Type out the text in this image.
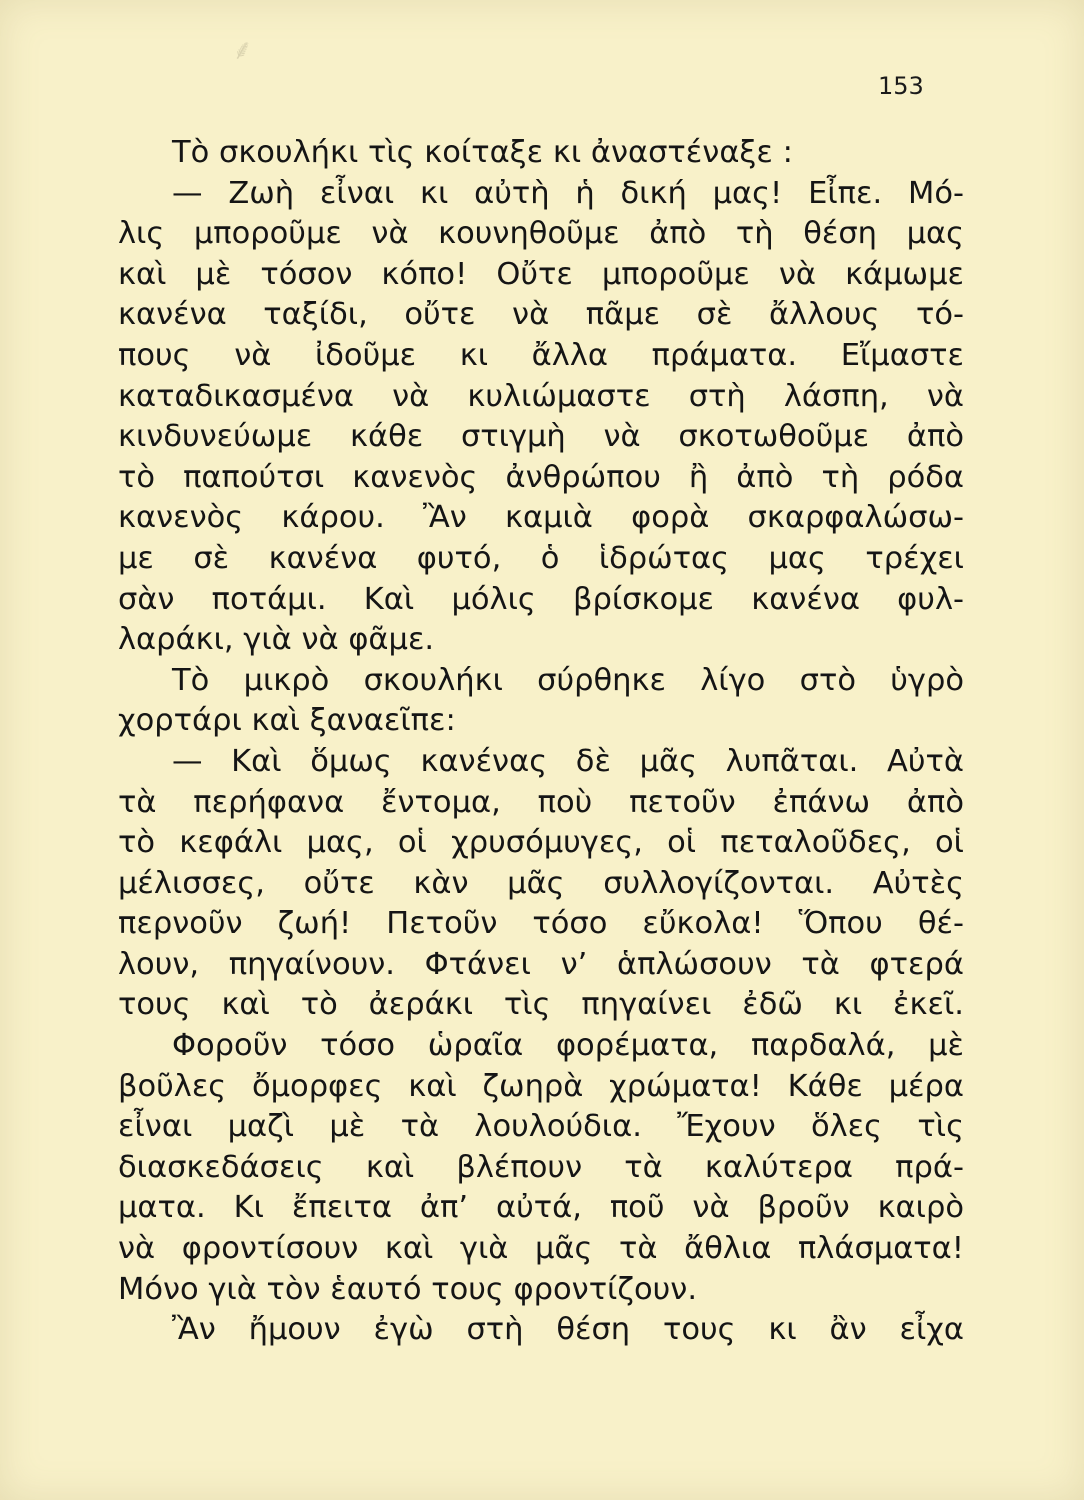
⸙
153
Τὸ σκουλήκι τὶς κοίταξε κι ἀναστέναξε :
— Ζωὴ εἶναι κι αὐτὴ ἡ δική μας! Εἶπε. Μό-
λις μποροῦμε νὰ κουνηθοῦμε ἀπὸ τὴ θέση μας
καὶ μὲ τόσον κόπο! Οὔτε μποροῦμε νὰ κάμωμε
κανένα ταξίδι, οὔτε νὰ πᾶμε σὲ ἄλλους τό-
πους νὰ ἰδοῦμε κι ἄλλα πράματα. Εἴμαστε
καταδικασμένα νὰ κυλιώμαστε στὴ λάσπη, νὰ
κινδυνεύωμε κάθε στιγμὴ νὰ σκοτωθοῦμε ἀπὸ
τὸ παπούτσι κανενὸς ἀνθρώπου ἢ ἀπὸ τὴ ρόδα
κανενὸς κάρου. Ἂν καμιὰ φορὰ σκαρφαλώσω-
με σὲ κανένα φυτό, ὁ ἱδρώτας μας τρέχει
σὰν ποτάμι. Καὶ μόλις βρίσκομε κανένα φυλ-
λαράκι, γιὰ νὰ φᾶμε.
Τὸ μικρὸ σκουλήκι σύρθηκε λίγο στὸ ὑγρὸ
χορτάρι καὶ ξαναεῖπε:
— Καὶ ὅμως κανένας δὲ μᾶς λυπᾶται. Αὐτὰ
τὰ περήφανα ἔντομα, ποὺ πετοῦν ἐπάνω ἀπὸ
τὸ κεφάλι μας, οἱ χρυσόμυγες, οἱ πεταλοῦδες, οἱ
μέλισσες, οὔτε κὰν μᾶς συλλογίζονται. Αὐτὲς
περνοῦν ζωή! Πετοῦν τόσο εὔκολα! Ὅπου θέ-
λουν, πηγαίνουν. Φτάνει ν’ ἁπλώσουν τὰ φτερά
τους καὶ τὸ ἀεράκι τὶς πηγαίνει ἐδῶ κι ἐκεῖ.
Φοροῦν τόσο ὡραῖα φορέματα, παρδαλά, μὲ
βοῦλες ὄμορφες καὶ ζωηρὰ χρώματα! Κάθε μέρα
εἶναι μαζὶ μὲ τὰ λουλούδια. Ἔχουν ὅλες τὶς
διασκεδάσεις καὶ βλέπουν τὰ καλύτερα πρά-
ματα. Κι ἔπειτα ἀπ’ αὐτά, ποῦ νὰ βροῦν καιρὸ
νὰ φροντίσουν καὶ γιὰ μᾶς τὰ ἄθλια πλάσματα!
Μόνο γιὰ τὸν ἑαυτό τους φροντίζουν.
Ἂν ἤμουν ἐγὼ στὴ θέση τους κι ἂν εἶχα
